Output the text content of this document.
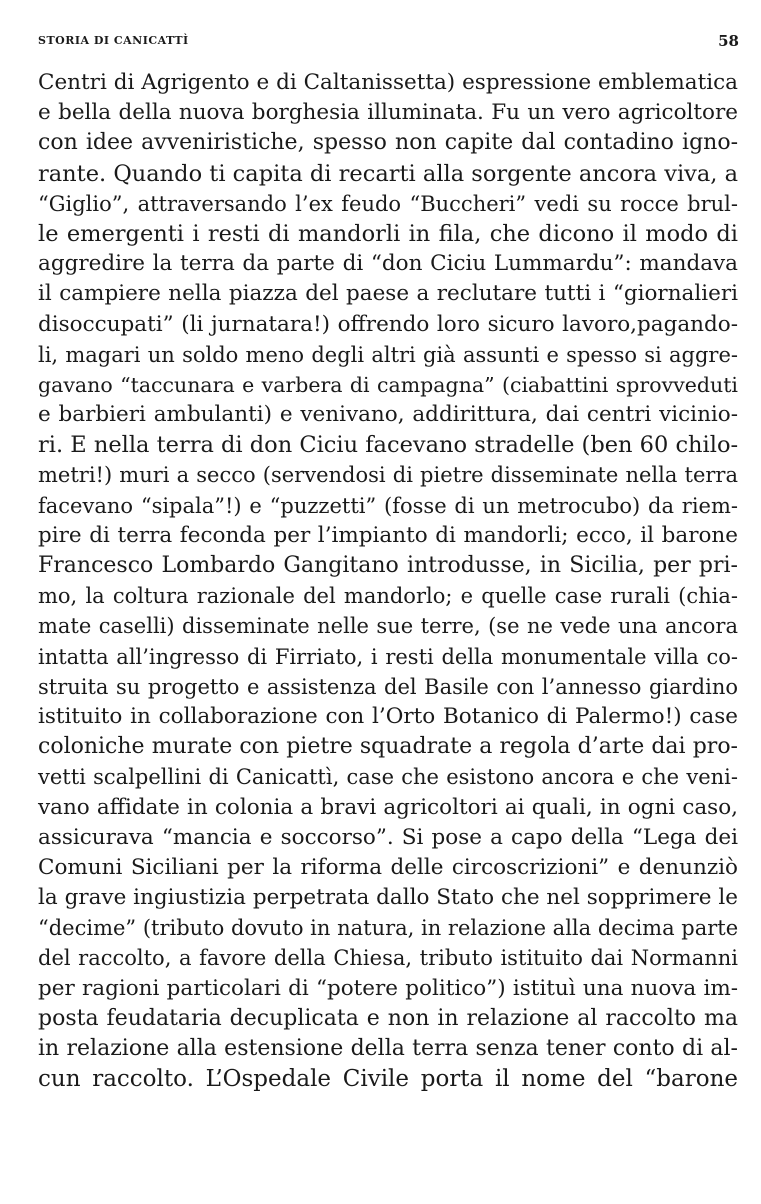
STORIA DI CANICATTÌ	58
Centri di Agrigento e di Caltanissetta) espressione emblematica
e bella della nuova borghesia illuminata. Fu un vero agricoltore
con idee avveniristiche, spesso non capite dal contadino igno-
rante. Quando ti capita di recarti alla sorgente ancora viva, a
“Giglio”, attraversando l’ex feudo “Buccheri” vedi su rocce brul-
le emergenti i resti di mandorli in fila, che dicono il modo di
aggredire la terra da parte di “don Ciciu Lummardu”: mandava
il campiere nella piazza del paese a reclutare tutti i “giornalieri
disoccupati” (li jurnatara!) offrendo loro sicuro lavoro,pagando-
li, magari un soldo meno degli altri già assunti e spesso si aggre-
gavano “taccunara e varbera di campagna” (ciabattini sprovveduti
e barbieri ambulanti) e venivano, addirittura, dai centri vicinio-
ri. E nella terra di don Ciciu facevano stradelle (ben 60 chilo-
metri!) muri a secco (servendosi di pietre disseminate nella terra
facevano “sipala”!) e “puzzetti” (fosse di un metrocubo) da riem-
pire di terra feconda per l’impianto di mandorli; ecco, il barone
Francesco Lombardo Gangitano introdusse, in Sicilia, per pri-
mo, la coltura razionale del mandorlo; e quelle case rurali (chia-
mate caselli) disseminate nelle sue terre, (se ne vede una ancora
intatta all’ingresso di Firriato, i resti della monumentale villa co-
struita su progetto e assistenza del Basile con l’annesso giardino
istituito in collaborazione con l’Orto Botanico di Palermo!) case
coloniche murate con pietre squadrate a regola d’arte dai pro-
vetti scalpellini di Canicattì, case che esistono ancora e che veni-
vano affidate in colonia a bravi agricoltori ai quali, in ogni caso,
assicurava “mancia e soccorso”. Si pose a capo della “Lega dei
Comuni Siciliani per la riforma delle circoscrizioni” e denunziò
la grave ingiustizia perpetrata dallo Stato che nel sopprimere le
“decime” (tributo dovuto in natura, in relazione alla decima parte
del raccolto, a favore della Chiesa, tributo istituito dai Normanni
per ragioni particolari di “potere politico”) istituì una nuova im-
posta feudataria decuplicata e non in relazione al raccolto ma
in relazione alla estensione della terra senza tener conto di al-
cun raccolto. L’Ospedale Civile porta il nome del “barone
